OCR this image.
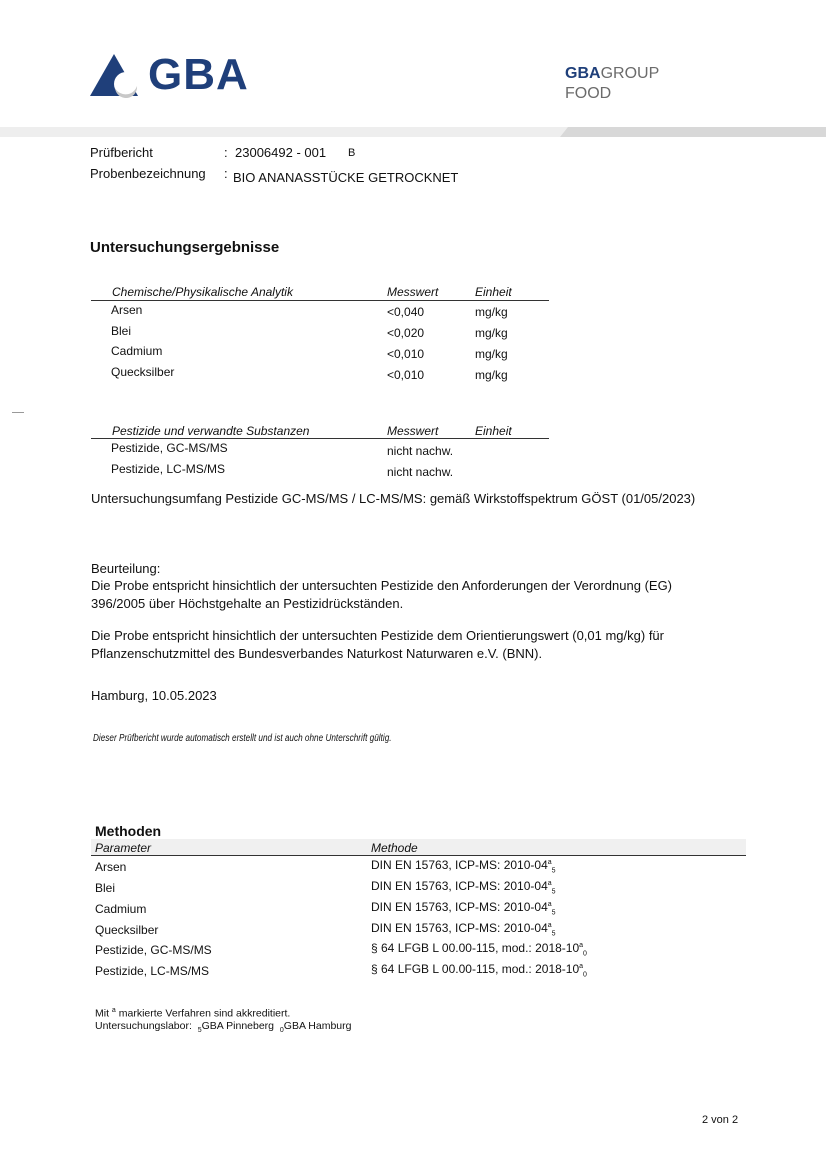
GBA	GBAGROUP
FOOD
Prüfbericht	: 23006492 - 001 B
Probenbezeichnung : BIO ANANASSTÜCKE GETROCKNET
Untersuchungsergebnisse
Chemische/Physikalische Analytik	Messwert	Einheit
Arsen	<0,040	mg/kg
Blei	<0,020	mg/kg
Cadmium	<0,010	mg/kg
Quecksilber	<0,010	mg/kg
Pestizide und verwandte Substanzen	Messwert	Einheit
Pestizide, GC-MS/MS	nicht nachw.
Pestizide, LC-MS/MS	nicht nachw.
Untersuchungsumfang Pestizide GC-MS/MS / LC-MS/MS: gemäß Wirkstoffspektrum GÖST (01/05/2023)
Beurteilung:
Die Probe entspricht hinsichtlich der untersuchten Pestizide den Anforderungen der Verordnung (EG)
396/2005 über Höchstgehalte an Pestizidrückständen.
Die Probe entspricht hinsichtlich der untersuchten Pestizide dem Orientierungswert (0,01 mg/kg) für
Pflanzenschutzmittel des Bundesverbandes Naturkost Naturwaren e.V. (BNN).
Hamburg, 10.05.2023
Dieser Prüfbericht wurde automatisch erstellt und ist auch ohne Unterschrift gültig.
Methoden
Parameter	Methode
Arsen	DIN EN 15763, ICP-MS: $2010-04^a_5$
Blei	DIN EN 15763, ICP-MS: $2010-04^a_5$
Cadmium	DIN EN 15763, ICP-MS: $2010-04^a_5$
Quecksilber	DIN EN 15763, ICP-MS: $2010-04^a_5$
Pestizide, GC-MS/MS	§ 64 LFGB L 00.00-115, mod.: $2018-10^a_0$
Pestizide, LC-MS/MS	§ 64 LFGB L 00.00-115, mod.: $2018-10^a_0$
Mit $^a$ markierte Verfahren sind akkreditiert.
Untersuchungslabor: $_5$GBA Pinneberg $_0$GBA Hamburg
2 von 2
